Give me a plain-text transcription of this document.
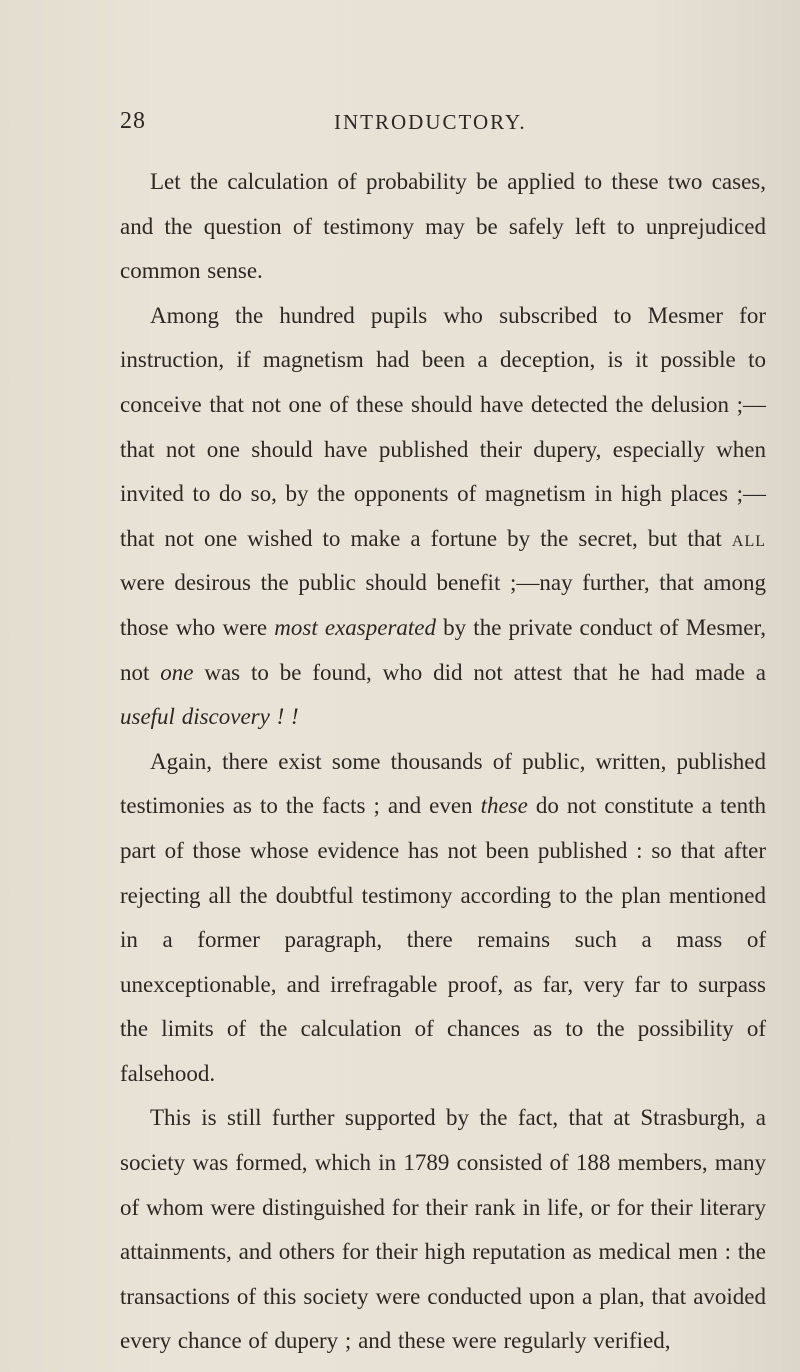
28	INTRODUCTORY.

Let the calculation of probability be applied to these two cases, and the question of testimony may be safely left to unprejudiced common sense.

Among the hundred pupils who subscribed to Mesmer for instruction, if magnetism had been a deception, is it possible to conceive that not one of these should have detected the delusion ;—that not one should have published their dupery, especially when invited to do so, by the opponents of magnetism in high places ;—that not one wished to make a fortune by the secret, but that all were desirous the public should benefit ;—nay further, that among those who were most exasperated by the private conduct of Mesmer, not one was to be found, who did not attest that he had made a useful discovery ! !

Again, there exist some thousands of public, written, published testimonies as to the facts ; and even these do not constitute a tenth part of those whose evidence has not been published : so that after rejecting all the doubtful testimony according to the plan mentioned in a former paragraph, there remains such a mass of unexceptionable, and irrefragable proof, as far, very far to surpass the limits of the calculation of chances as to the possibility of falsehood.

This is still further supported by the fact, that at Strasburgh, a society was formed, which in 1789 consisted of 188 members, many of whom were distinguished for their rank in life, or for their literary attainments, and others for their high reputation as medical men : the transactions of this society were conducted upon a plan, that avoided every chance of dupery ; and these were regularly verified,
